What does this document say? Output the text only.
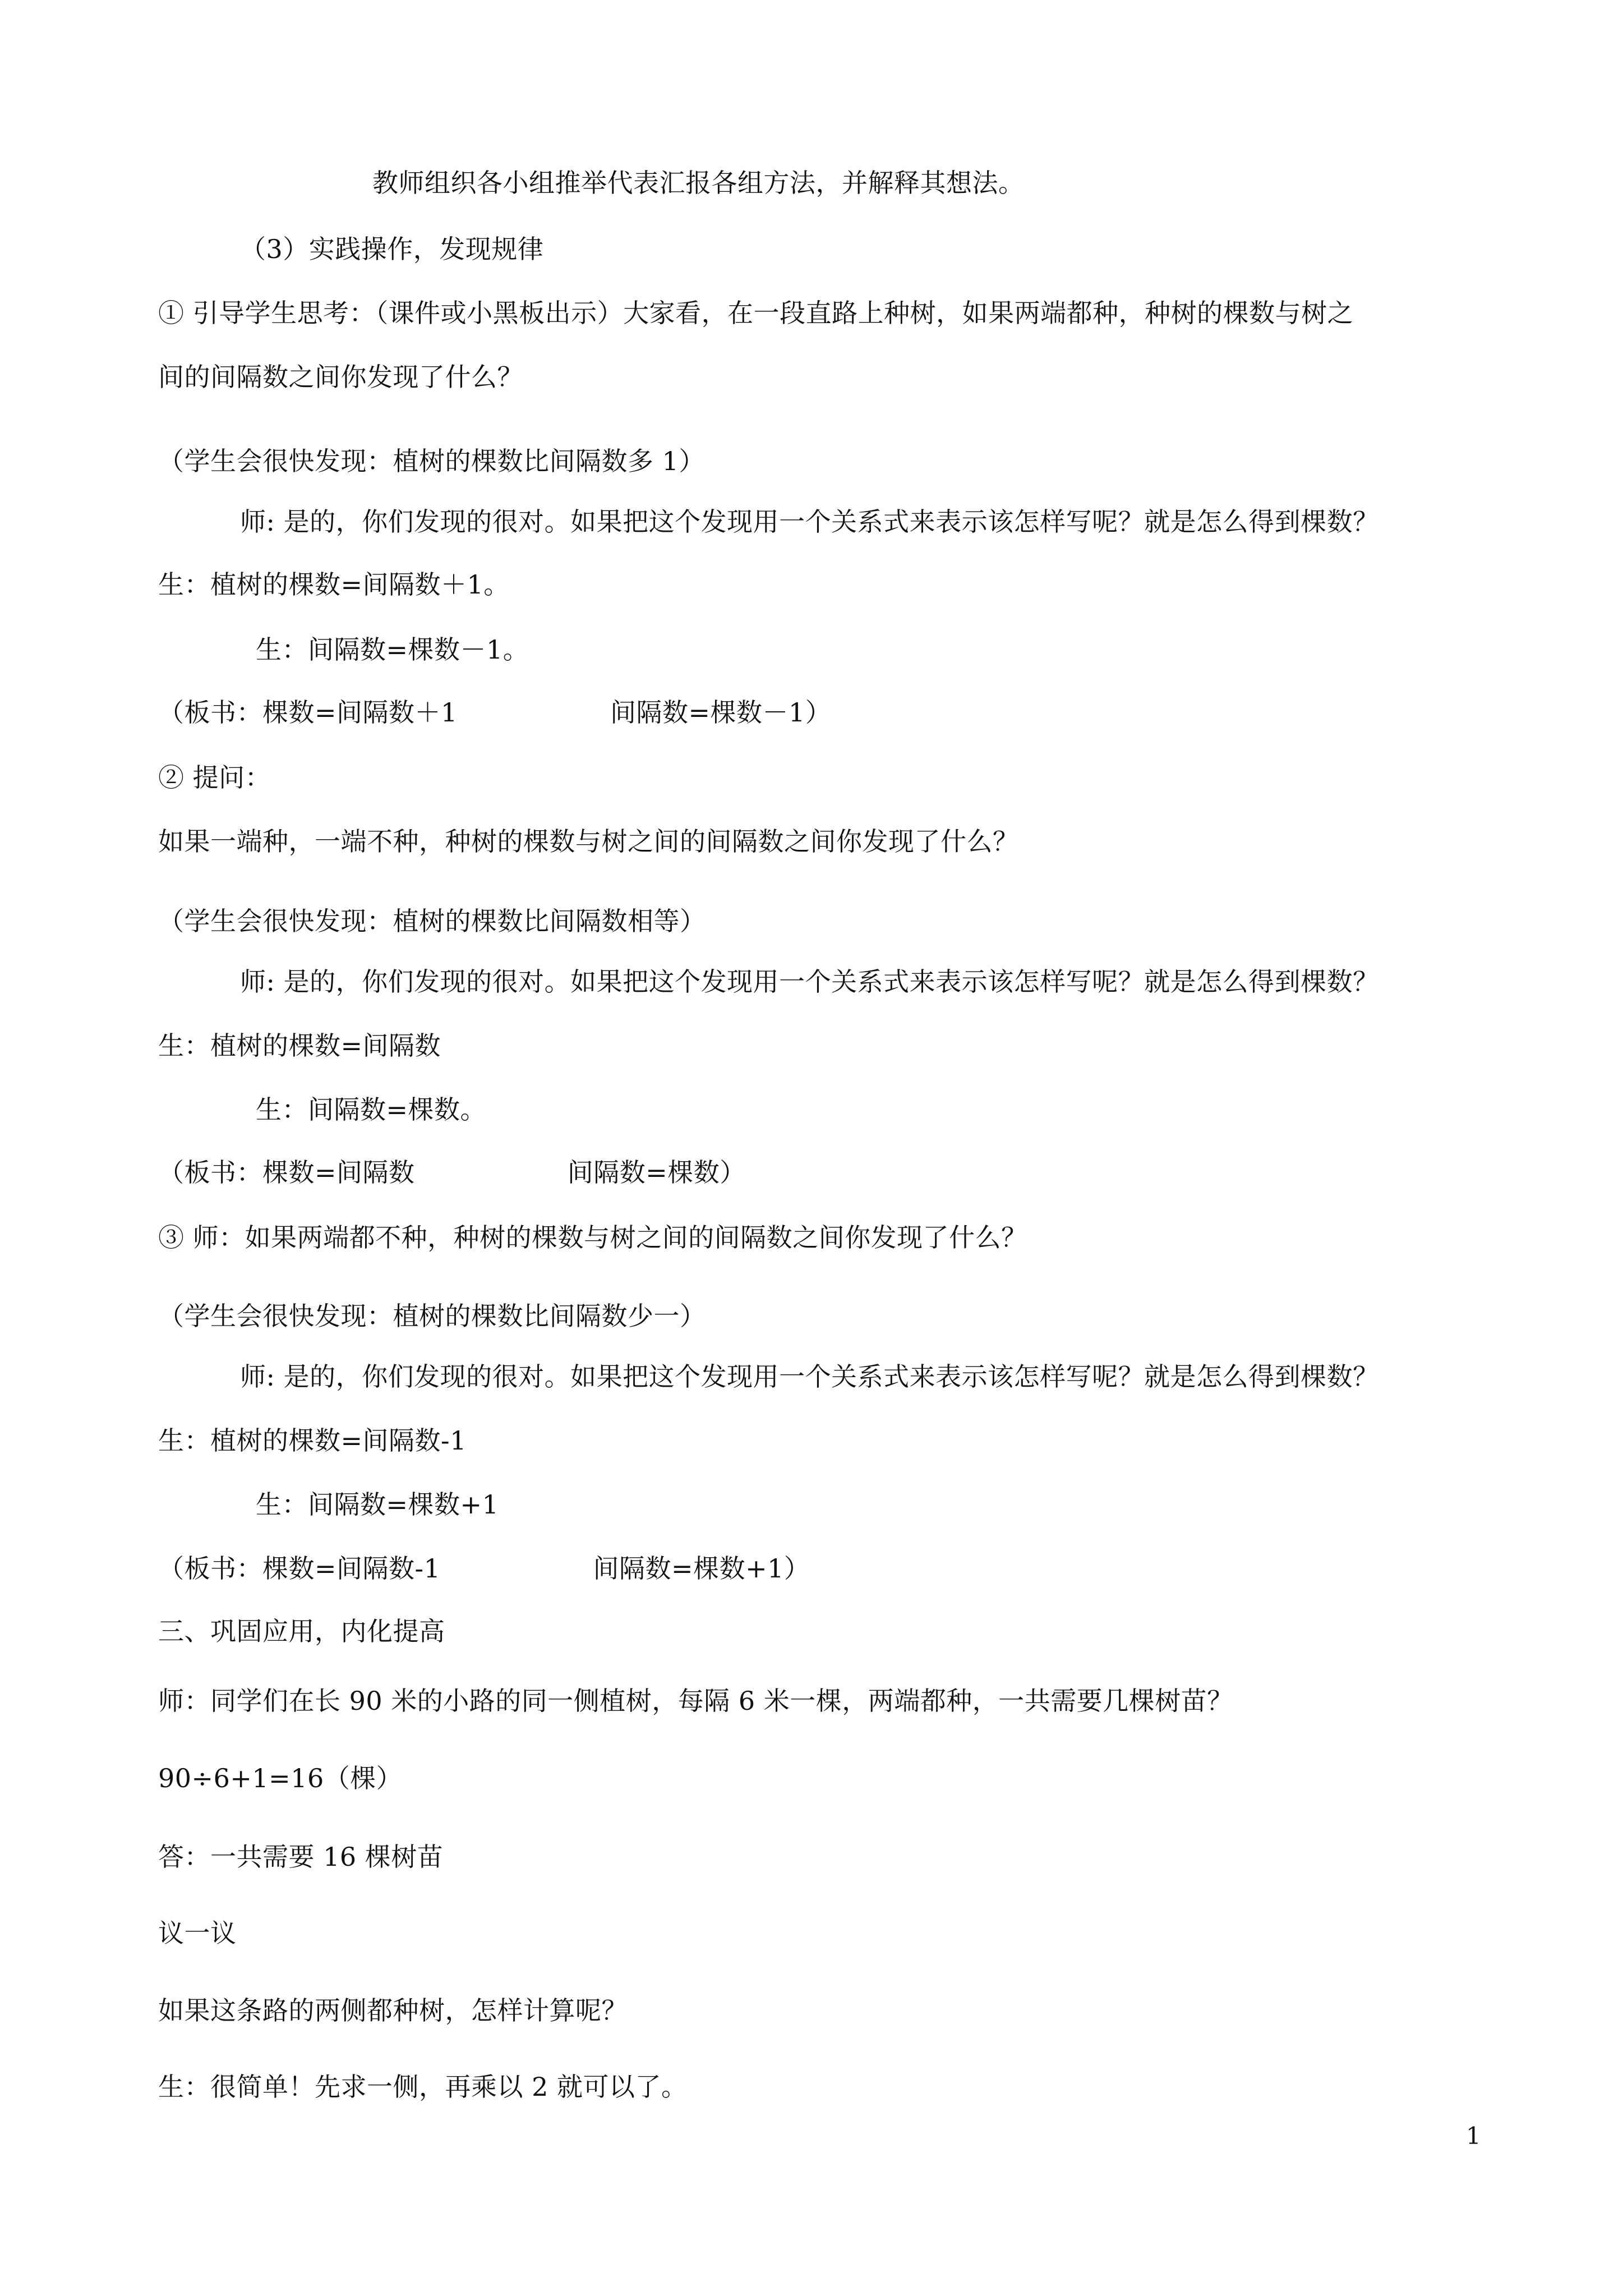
教师组织各小组推举代表汇报各组方法，并解释其想法。
（3）实践操作，发现规律
① 引导学生思考：（课件或小黑板出示）大家看，在一段直路上种树，如果两端都种，种树的棵数与树之
间的间隔数之间你发现了什么？
（学生会很快发现：植树的棵数比间隔数多 1）
师: 是的，你们发现的很对。如果把这个发现用一个关系式来表示该怎样写呢？就是怎么得到棵数？
生：植树的棵数=间隔数＋1。
生：间隔数=棵数－1。
（板书：棵数=间隔数＋1                  间隔数=棵数－1）
② 提问：
如果一端种，一端不种，种树的棵数与树之间的间隔数之间你发现了什么？
（学生会很快发现：植树的棵数比间隔数相等）
师: 是的，你们发现的很对。如果把这个发现用一个关系式来表示该怎样写呢？就是怎么得到棵数？
生：植树的棵数=间隔数
生：间隔数=棵数。
（板书：棵数=间隔数                  间隔数=棵数）
③ 师：如果两端都不种，种树的棵数与树之间的间隔数之间你发现了什么？
（学生会很快发现：植树的棵数比间隔数少一）
师: 是的，你们发现的很对。如果把这个发现用一个关系式来表示该怎样写呢？就是怎么得到棵数？
生：植树的棵数=间隔数-1
生：间隔数=棵数+1
（板书：棵数=间隔数-1                  间隔数=棵数+1）
三、巩固应用，内化提高
师：同学们在长 90 米的小路的同一侧植树，每隔 6 米一棵，两端都种，一共需要几棵树苗？
90÷6+1=16（棵）
答：一共需要 16 棵树苗
议一议
如果这条路的两侧都种树，怎样计算呢？
生：很简单！先求一侧，再乘以 2 就可以了。
1
